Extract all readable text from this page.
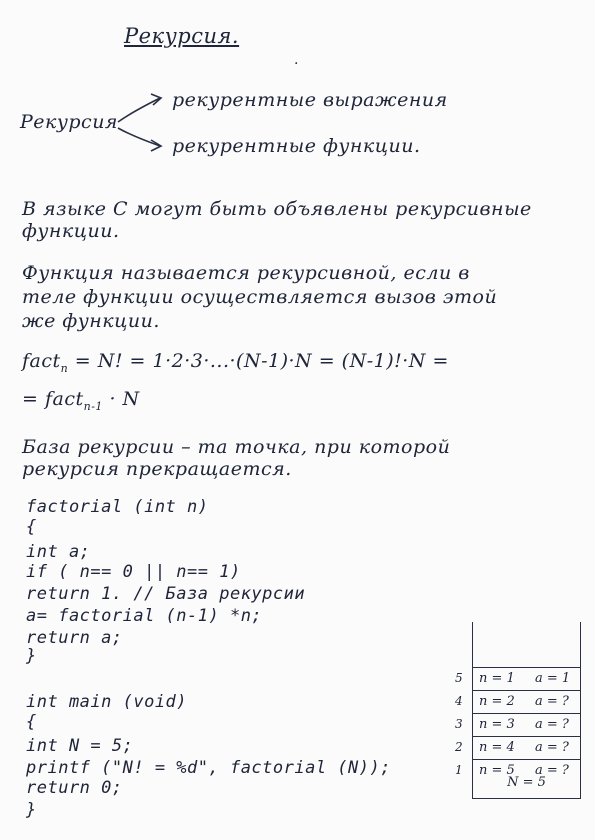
Рекурсия.
.
Рекурсия
рекурентные выражения
рекурентные функции.
В языке С могут быть объявлены рекурсивные
функции.
Функция называется рекурсивной, если в
теле функции осуществляется вызов этой
же функции.
fact$_n$ = N! = 1·2·3·...·(N-1)·N = (N-1)!·N =
= fact$_{n-1}$ · N
База рекурсии – та точка, при которой
рекурсия прекращается.
factorial (int n)
{
int a;
if ( n== 0 || n== 1)
return 1. // База рекурсии
a= factorial (n-1) *n;
return a;
}
int main (void)
{
int N = 5;
printf ("N! = %d", factorial (N));
return 0;
}
5 n = 1 a = 1
4 n = 2 a = ?
3 n = 3 a = ?
2 n = 4 a = ?
1 n = 5 a = ?
N = 5
